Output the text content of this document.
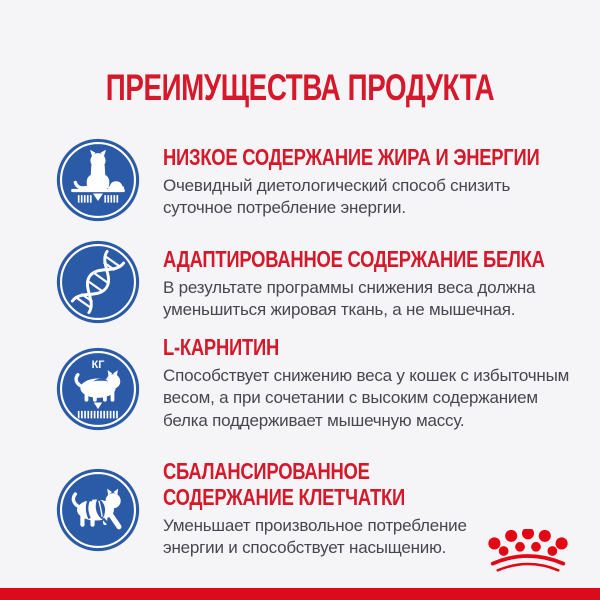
ПРЕИМУЩЕСТВА ПРОДУКТА
НИЗКОЕ СОДЕРЖАНИЕ ЖИРА И ЭНЕРГИИ
Очевидный диетологический способ снизить
суточное потребление энергии.
АДАПТИРОВАННОЕ СОДЕРЖАНИЕ БЕЛКА
В результате программы снижения веса должна
уменьшиться жировая ткань, а не мышечная.
КГ
L-КАРНИТИН
Способствует снижению веса у кошек с избыточным
весом, а при сочетании с высоким содержанием
белка поддерживает мышечную массу.
СБАЛАНСИРОВАННОЕ
СОДЕРЖАНИЕ КЛЕТЧАТКИ
Уменьшает произвольное потребление
энергии и способствует насыщению.
